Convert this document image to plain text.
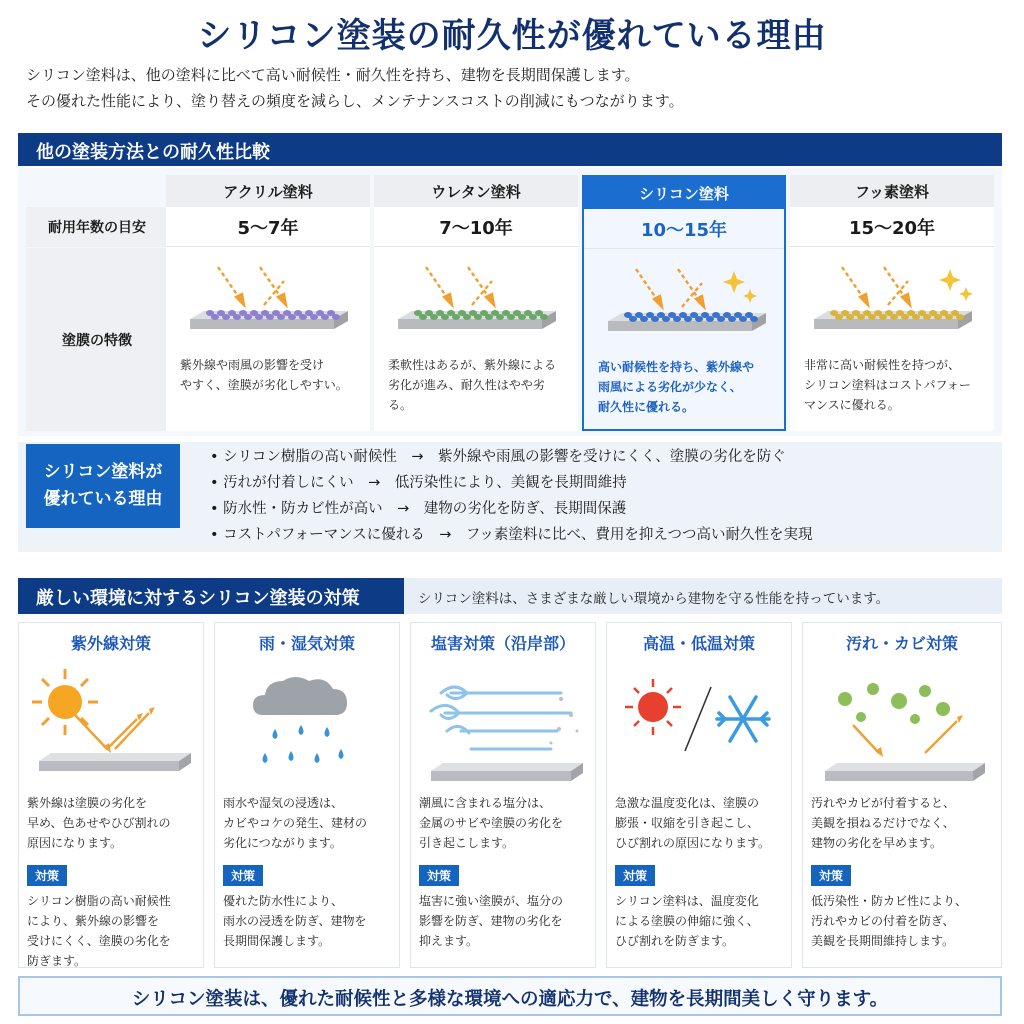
シリコン塗装の耐久性が優れている理由
シリコン塗料は、他の塗料に比べて高い耐候性・耐久性を持ち、建物を長期間保護します。
その優れた性能により、塗り替えの頻度を減らし、メンテナンスコストの削減にもつながります。
他の塗装方法との耐久性比較
耐用年数の目安
塗膜の特徴
アクリル塗料
5〜7年
紫外線や雨風の影響を受け
やすく、塗膜が劣化しやすい。
ウレタン塗料
7〜10年
柔軟性はあるが、紫外線による
劣化が進み、耐久性はやや劣る。
シリコン塗料
10〜15年
高い耐候性を持ち、紫外線や
雨風による劣化が少なく、
耐久性に優れる。
フッ素塗料
15〜20年
非常に高い耐候性を持つが、
シリコン塗料はコストパフォー
マンスに優れる。
シリコン塗料が
優れている理由
• シリコン樹脂の高い耐候性　→　紫外線や雨風の影響を受けにくく、塗膜の劣化を防ぐ
• 汚れが付着しにくい　→　低汚染性により、美観を長期間維持
• 防水性・防カビ性が高い　→　建物の劣化を防ぎ、長期間保護
• コストパフォーマンスに優れる　→　フッ素塗料に比べ、費用を抑えつつ高い耐久性を実現
厳しい環境に対するシリコン塗装の対策	シリコン塗料は、さまざまな厳しい環境から建物を守る性能を持っています。
紫外線対策
紫外線は塗膜の劣化を
早め、色あせやひび割れの
原因になります。
対策
シリコン樹脂の高い耐候性
により、紫外線の影響を
受けにくく、塗膜の劣化を
防ぎます。
雨・湿気対策
雨水や湿気の浸透は、
カビやコケの発生、建材の
劣化につながります。
対策
優れた防水性により、
雨水の浸透を防ぎ、建物を
長期間保護します。
塩害対策（沿岸部）
潮風に含まれる塩分は、
金属のサビや塗膜の劣化を
引き起こします。
対策
塩害に強い塗膜が、塩分の
影響を防ぎ、建物の劣化を
抑えます。
高温・低温対策
急激な温度変化は、塗膜の
膨張・収縮を引き起こし、
ひび割れの原因になります。
対策
シリコン塗料は、温度変化
による塗膜の伸縮に強く、
ひび割れを防ぎます。
汚れ・カビ対策
汚れやカビが付着すると、
美観を損ねるだけでなく、
建物の劣化を早めます。
対策
低汚染性・防カビ性により、
汚れやカビの付着を防ぎ、
美観を長期間維持します。
シリコン塗装は、優れた耐候性と多様な環境への適応力で、建物を長期間美しく守ります。
